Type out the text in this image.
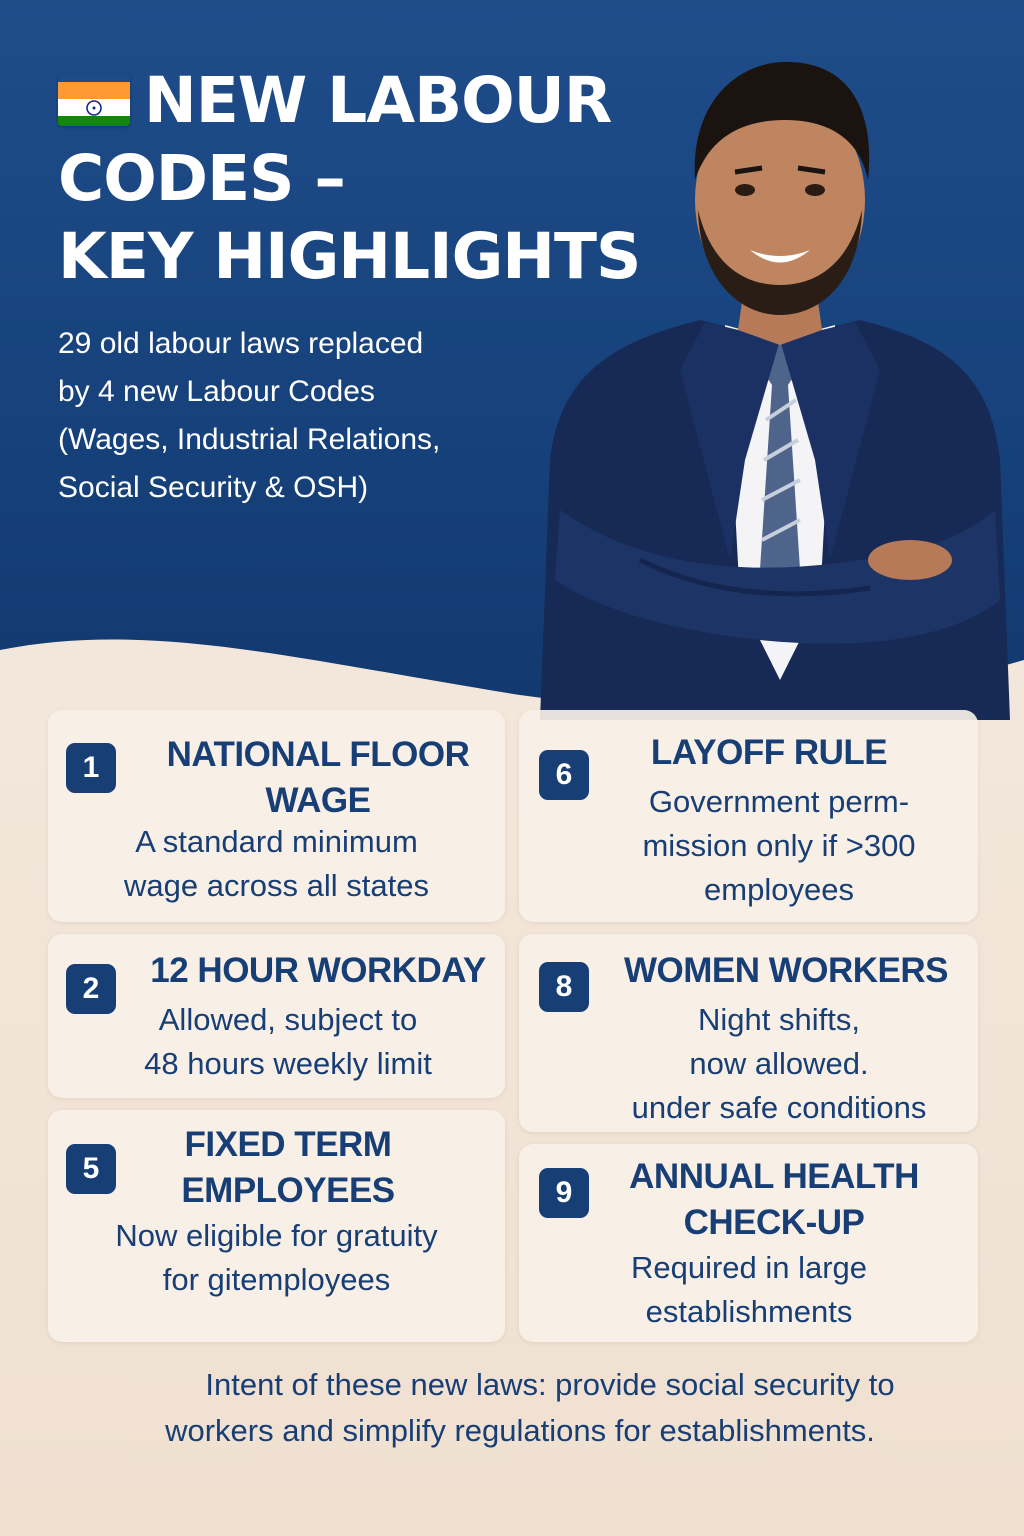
NEW LABOUR
CODES –
KEY HIGHLIGHTS
29 old labour laws replaced
by 4 new Labour Codes
(Wages, Industrial Relations,
Social Security & OSH)
1	NATIONAL FLOOR
WAGE
A standard minimum
wage across all states
6
LAYOFF RULE
Government perm-
mission only if >300
employees
2	12 HOUR WORKDAY
Allowed, subject to
48 hours weekly limit
8	WOMEN WORKERS
Night shifts,
now allowed.
under safe conditions
5
FIXED TERM
EMPLOYEES
Now eligible for gratuity
for gitemployees
9	ANNUAL HEALTH
CHECK-UP
Required in large
establishments
Intent of these new laws: provide social security to
workers and simplify regulations for establishments.
